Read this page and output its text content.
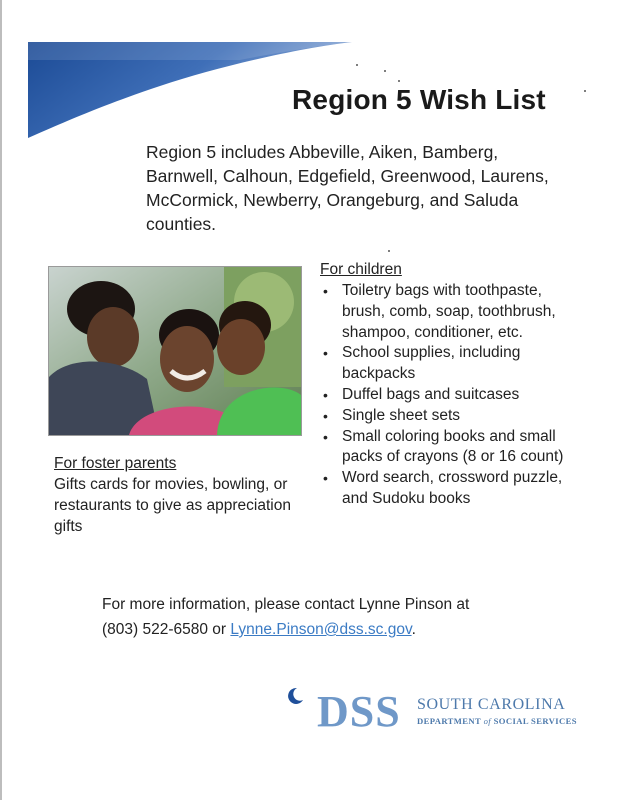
Region 5 Wish List

Region 5 includes Abbeville, Aiken, Bamberg, Barnwell, Calhoun, Edgefield, Greenwood, Laurens, McCormick, Newberry, Orangeburg, and Saluda counties.

For children
• Toiletry bags with toothpaste, brush, comb, soap, toothbrush, shampoo, conditioner, etc.
• School supplies, including backpacks
• Duffel bags and suitcases
• Single sheet sets
• Small coloring books and small packs of crayons (8 or 16 count)
• Word search, crossword puzzle, and Sudoku books
For foster parents

Gifts cards for movies, bowling, or restaurants to give as appreciation gifts

For more information, please contact Lynne Pinson at
(803) 522-6580 or Lynne.Pinson@dss.sc.gov.

DSS SOUTH CAROLINA
DEPARTMENT of SOCIAL SERVICES
